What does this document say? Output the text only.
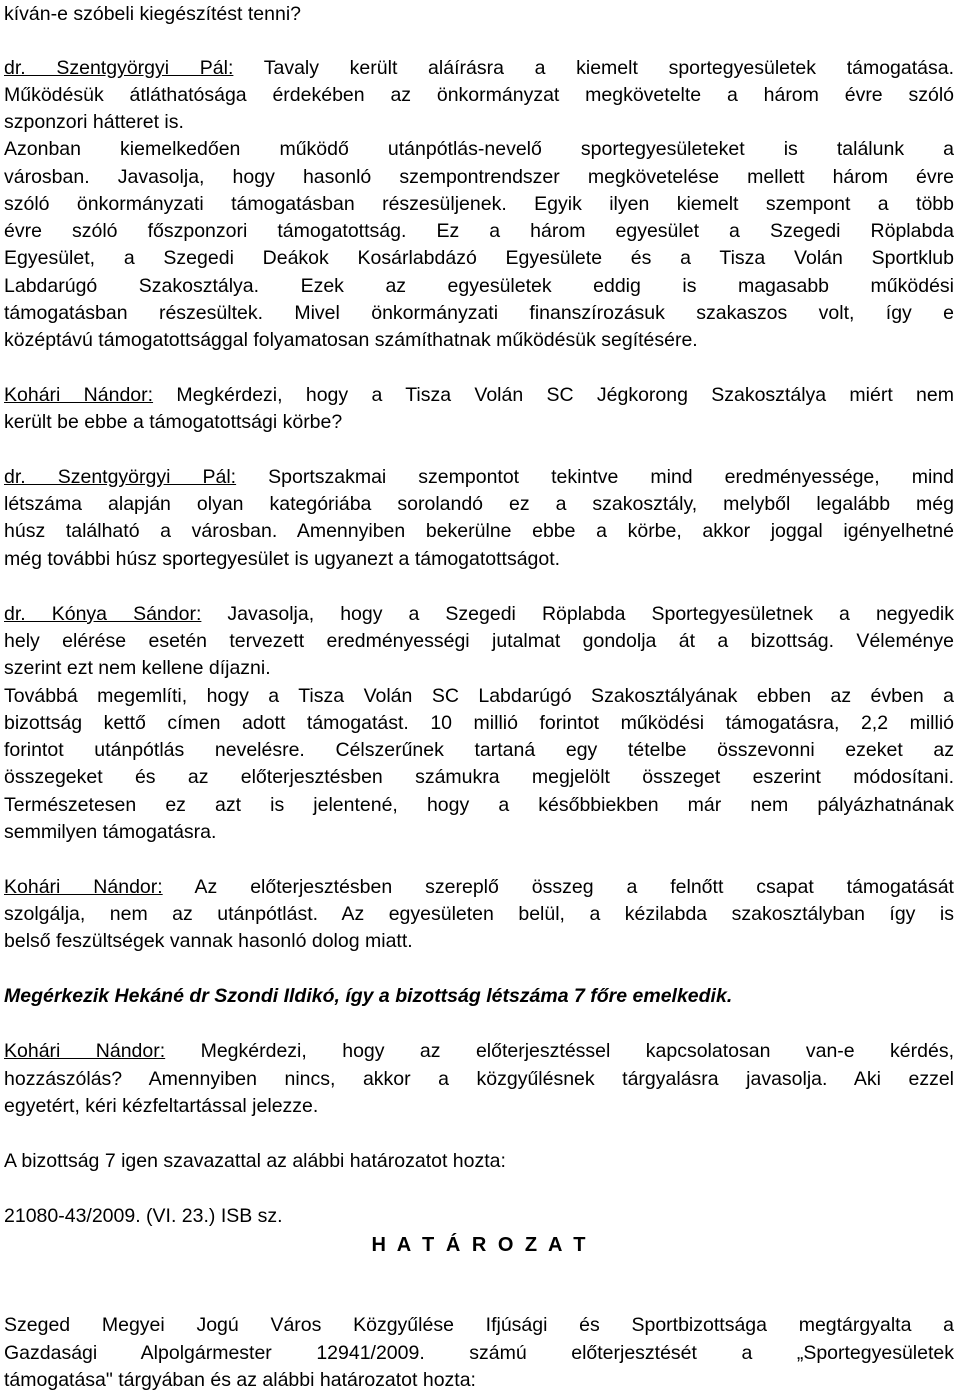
kíván-e szóbeli kiegészítést tenni?
dr. Szentgyörgyi Pál: Tavaly került aláírásra a kiemelt sportegyesületek támogatása.
Működésük átláthatósága érdekében az önkormányzat megkövetelte a három évre szóló
szponzori hátteret is.
Azonban kiemelkedően működő utánpótlás-nevelő sportegyesületeket is találunk a
városban. Javasolja, hogy hasonló szempontrendszer megkövetelése mellett három évre
szóló önkormányzati támogatásban részesüljenek. Egyik ilyen kiemelt szempont a több
évre szóló főszponzori támogatottság. Ez a három egyesület a Szegedi Röplabda
Egyesület, a Szegedi Deákok Kosárlabdázó Egyesülete és a Tisza Volán Sportklub
Labdarúgó Szakosztálya. Ezek az egyesületek eddig is magasabb működési
támogatásban részesültek. Mivel önkormányzati finanszírozásuk szakaszos volt, így e
középtávú támogatottsággal folyamatosan számíthatnak működésük segítésére.
Kohári Nándor: Megkérdezi, hogy a Tisza Volán SC Jégkorong Szakosztálya miért nem
került be ebbe a támogatottsági körbe?
dr. Szentgyörgyi Pál: Sportszakmai szempontot tekintve mind eredményessége, mind
létszáma alapján olyan kategóriába sorolandó ez a szakosztály, melyből legalább még
húsz található a városban. Amennyiben bekerülne ebbe a körbe, akkor joggal igényelhetné
még további húsz sportegyesület is ugyanezt a támogatottságot.
dr. Kónya Sándor: Javasolja, hogy a Szegedi Röplabda Sportegyesületnek a negyedik
hely elérése esetén tervezett eredményességi jutalmat gondolja át a bizottság. Véleménye
szerint ezt nem kellene díjazni.
Továbbá megemlíti, hogy a Tisza Volán SC Labdarúgó Szakosztályának ebben az évben a
bizottság kettő címen adott támogatást. 10 millió forintot működési támogatásra, 2,2 millió
forintot utánpótlás nevelésre. Célszerűnek tartaná egy tételbe összevonni ezeket az
összegeket és az előterjesztésben számukra megjelölt összeget eszerint módosítani.
Természetesen ez azt is jelentené, hogy a későbbiekben már nem pályázhatnának
semmilyen támogatásra.
Kohári Nándor: Az előterjesztésben szereplő összeg a felnőtt csapat támogatását
szolgálja, nem az utánpótlást. Az egyesületen belül, a kézilabda szakosztályban így is
belső feszültségek vannak hasonló dolog miatt.
Megérkezik Hekáné dr Szondi Ildikó, így a bizottság létszáma 7 főre emelkedik.
Kohári Nándor: Megkérdezi, hogy az előterjesztéssel kapcsolatosan van-e kérdés,
hozzászólás? Amennyiben nincs, akkor a közgyűlésnek tárgyalásra javasolja. Aki ezzel
egyetért, kéri kézfeltartással jelezze.
A bizottság 7 igen szavazattal az alábbi határozatot hozta:
21080-43/2009. (VI. 23.) ISB sz.
H A T Á R O Z A T
Szeged Megyei Jogú Város Közgyűlése Ifjúsági és Sportbizottsága megtárgyalta a
Gazdasági Alpolgármester 12941/2009. számú előterjesztését a „Sportegyesületek
támogatása" tárgyában és az alábbi határozatot hozta:
